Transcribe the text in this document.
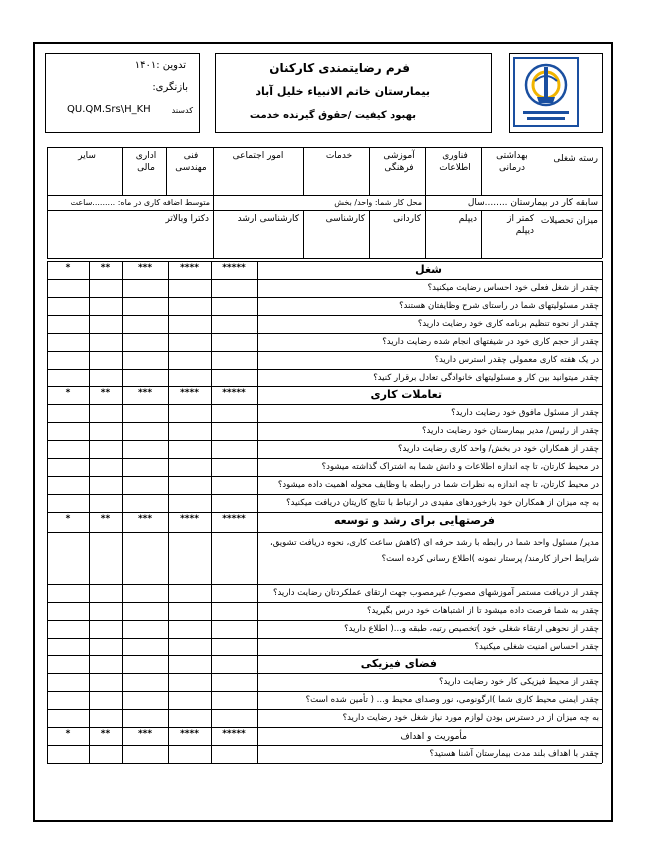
فرم رضایتمندی کارکنان
بیمارستان خاتم الانبیاء خلیل آباد
بهبود کیفیت /حقوق گیرنده خدمت
تدوین :۱۴۰۱
بازنگری:
کدسند
QU.QM.Srs\H_KH
رسته شغلی
بهداشتی درمانی
فناوری اطلاعات
آموزشی فرهنگی
خدمات
امور اجتماعی
فنی مهندسی
اداری مالی
سایر
سابقه کار در بیمارستان ........سال
محل کار شما: واحد/ بخش
متوسط اضافه کاری در ماه: .........ساعت
میزان تحصیلات
کمتر از دیپلم
دیپلم
کاردانی
کارشناسی
کارشناسی ارشد
دکترا وبالاتر
شغل
*****
****
***
**
*
چقدر از شغل فعلی خود احساس رضایت میکنید؟
چقدر مسئولیتهای شما در راستای شرح وظایفتان هستند؟
چقدر از نحوه تنظیم برنامه کاری خود رضایت دارید؟
چقدر از حجم کاری خود در شیفتهای انجام شده رضایت دارید؟
در یک هفته کاری معمولی چقدر استرس دارید؟
چقدر میتوانید بین کار و مسئولیتهای خانوادگی تعادل برقرار کنید؟
تعاملات کاری
*****
****
***
**
*
چقدر از مسئول مافوق خود رضایت دارید؟
چقدر از رئیس/ مدیر بیمارستان خود رضایت دارید؟
چقدر از همکاران خود در بخش/ واحد کاری رضایت دارید؟
در محیط کارتان، تا چه اندازه اطلاعات و دانش شما به اشتراک گذاشته میشود؟
در محیط کارتان، تا چه اندازه به نظرات شما در رابطه با وظایف محوله اهمیت داده میشود؟
به چه میزان از همکاران خود بازخوردهای مفیدی در ارتباط با نتایج کاریتان دریافت میکنید؟
فرصتهایی برای رشد و توسعه
*****
****
***
**
*
مدیر/ مسئول واحد شما در رابطه با رشد حرفه ای (کاهش ساعت کاری، نحوه دریافت تشویق، شرایط احراز کارمند/ پرستار نمونه )اطلاع رسانی کرده است؟
چقدر از دریافت مستمر آموزشهای مصوب/ غیرمصوب جهت ارتقای عملکردتان رضایت دارید؟
چقدر به شما فرصت داده میشود تا از اشتباهات خود درس بگیرید؟
چقدر از نحوهی ارتقاء شغلی خود )تخصیص رتبه، طبقه و...( اطلاع دارید؟
چقدر احساس امنیت شغلی میکنید؟
فضای فیزیکی
چقدر از محیط فیزیکی کار خود رضایت دارید؟
چقدر ایمنی محیط کاری شما )ارگونومی، نور وصدای محیط و... ( تأمین شده است؟
به چه میزان از در دسترس بودن لوازم مورد نیاز شغل خود رضایت دارید؟
مأموریت و اهداف
*****
****
***
**
*
چقدر با اهداف بلند مدت بیمارستان آشنا هستید؟
